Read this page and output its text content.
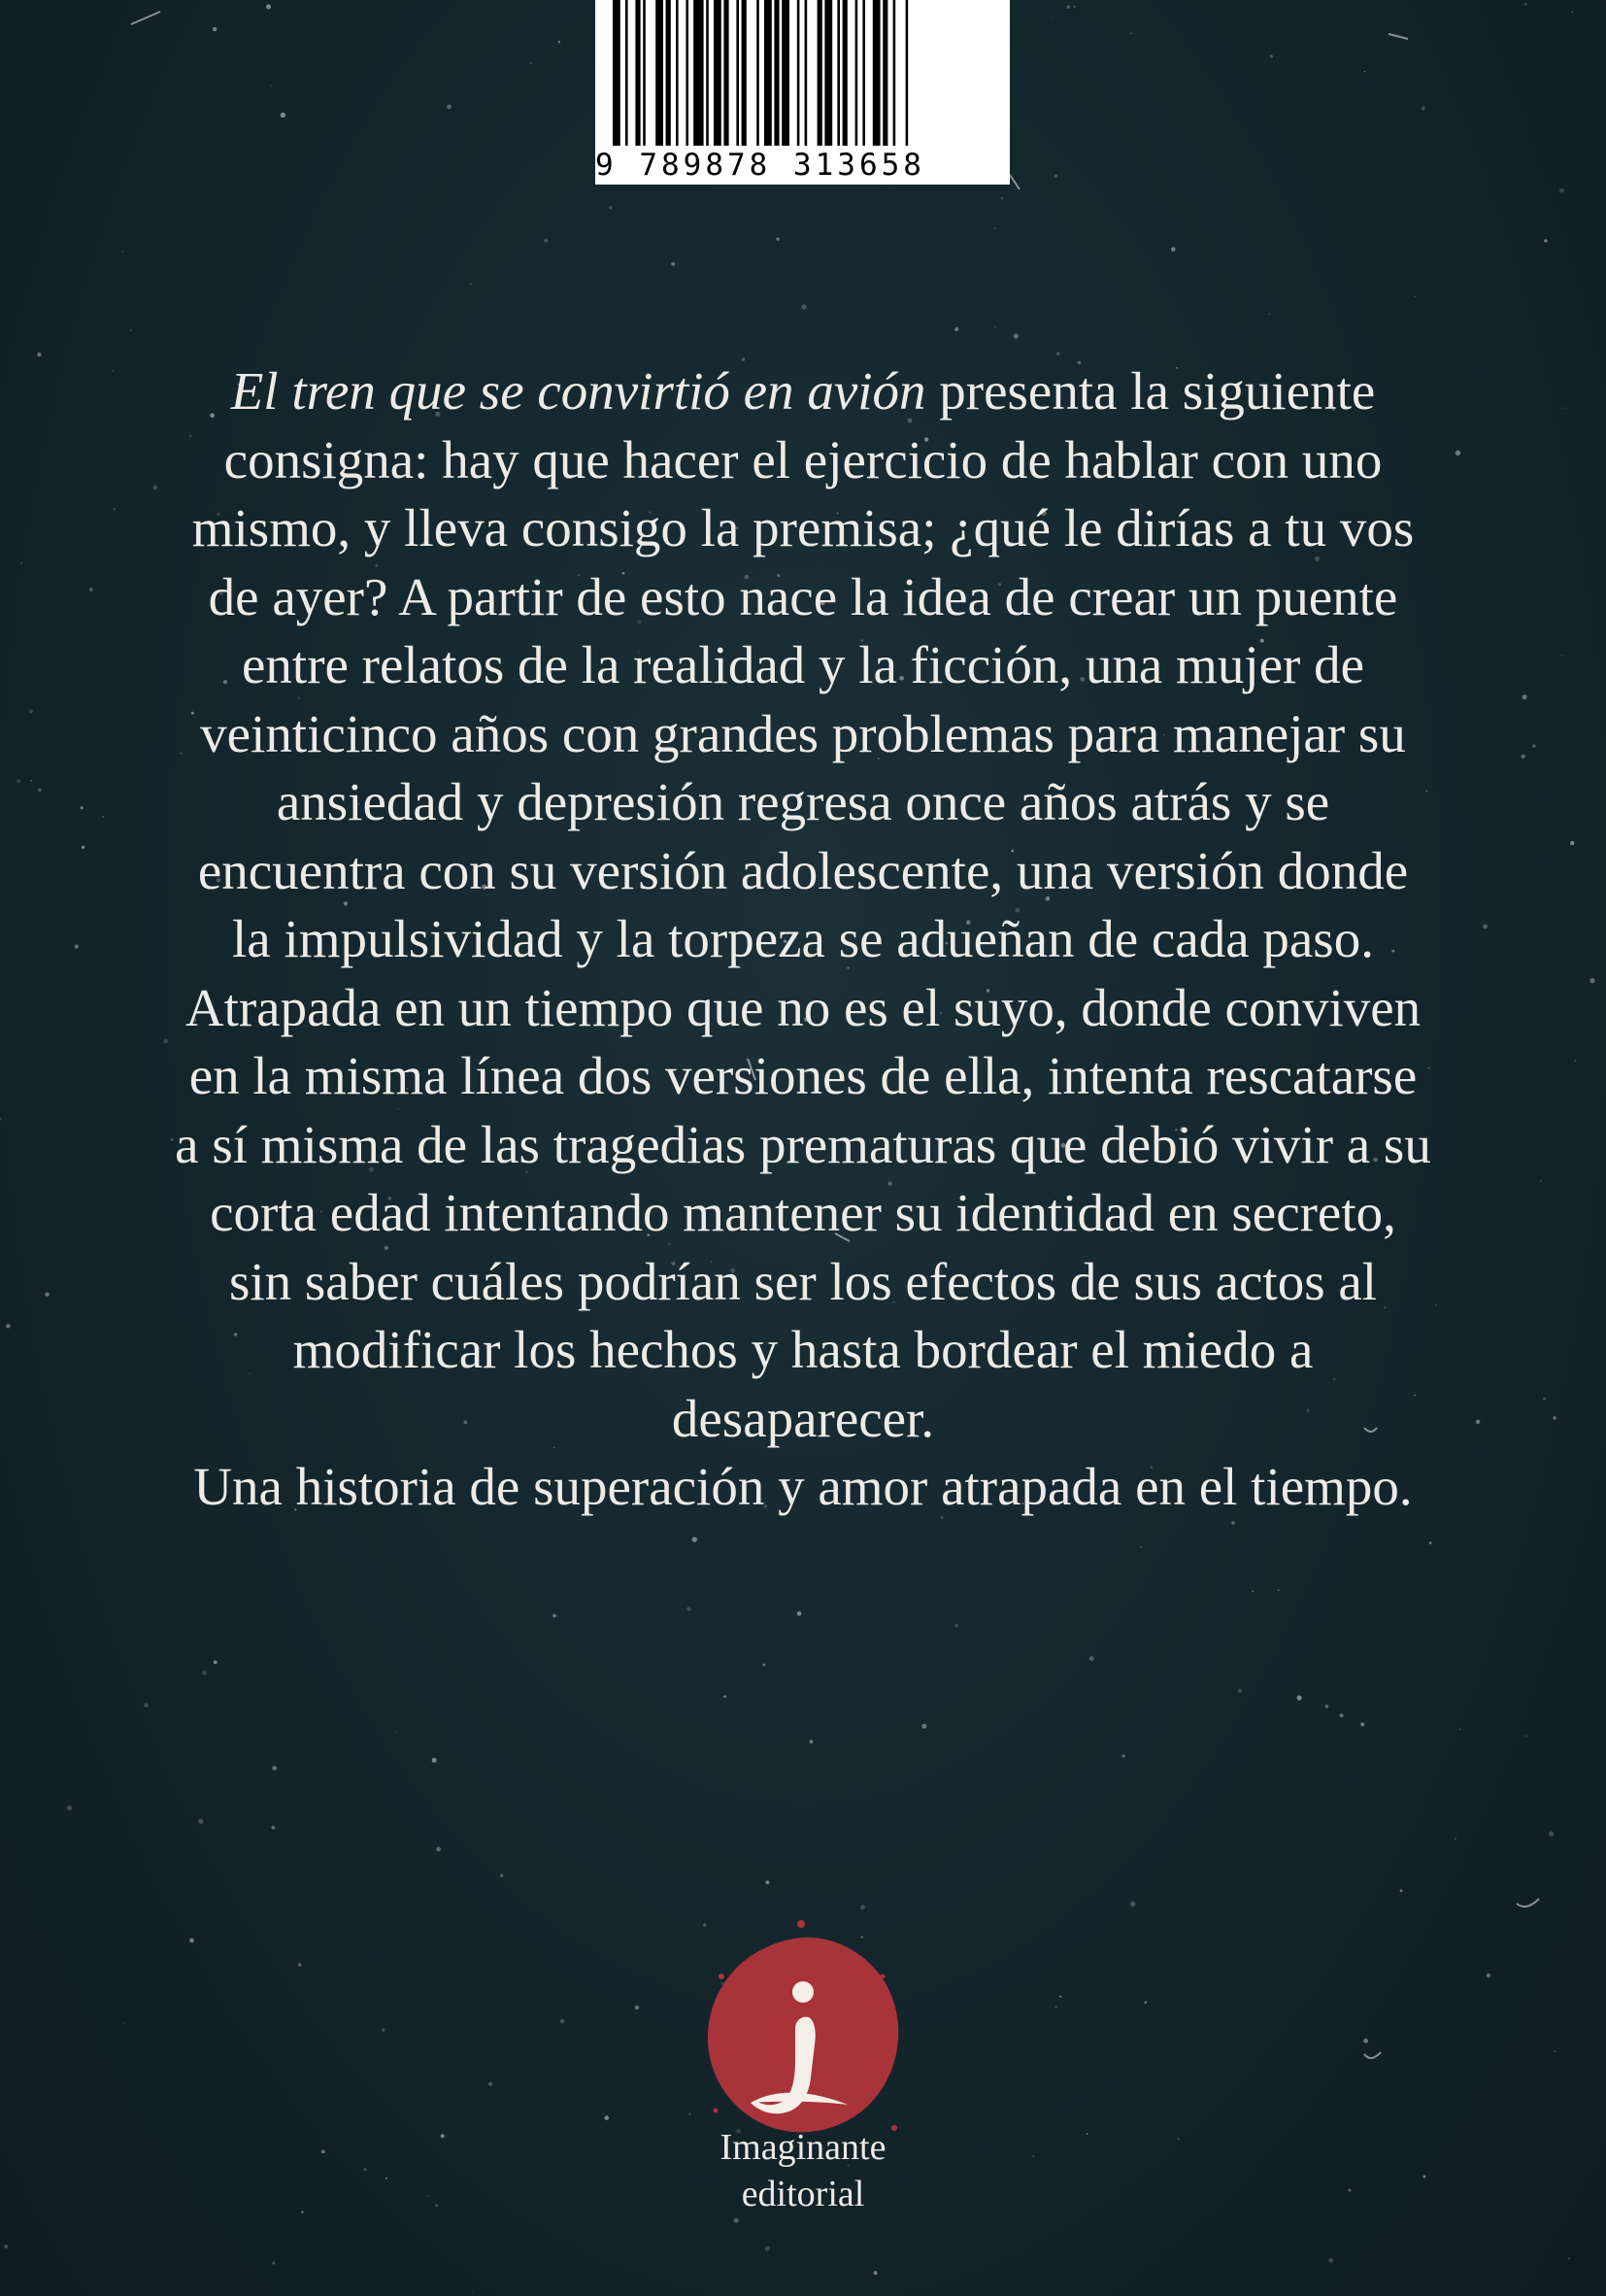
9 789878 313658

El tren que se convirtió en avión presenta la siguiente consigna: hay que hacer el ejercicio de hablar con uno mismo, y lleva consigo la premisa; ¿qué le dirías a tu vos de ayer? A partir de esto nace la idea de crear un puente entre relatos de la realidad y la ficción, una mujer de veinticinco años con grandes problemas para manejar su ansiedad y depresión regresa once años atrás y se encuentra con su versión adolescente, una versión donde la impulsividad y la torpeza se adueñan de cada paso. Atrapada en un tiempo que no es el suyo, donde conviven en la misma línea dos versiones de ella, intenta rescatarse a sí misma de las tragedias prematuras que debió vivir a su corta edad intentando mantener su identidad en secreto, sin saber cuáles podrían ser los efectos de sus actos al modificar los hechos y hasta bordear el miedo a desaparecer.

Una historia de superación y amor atrapada en el tiempo.

Imaginante
editorial
